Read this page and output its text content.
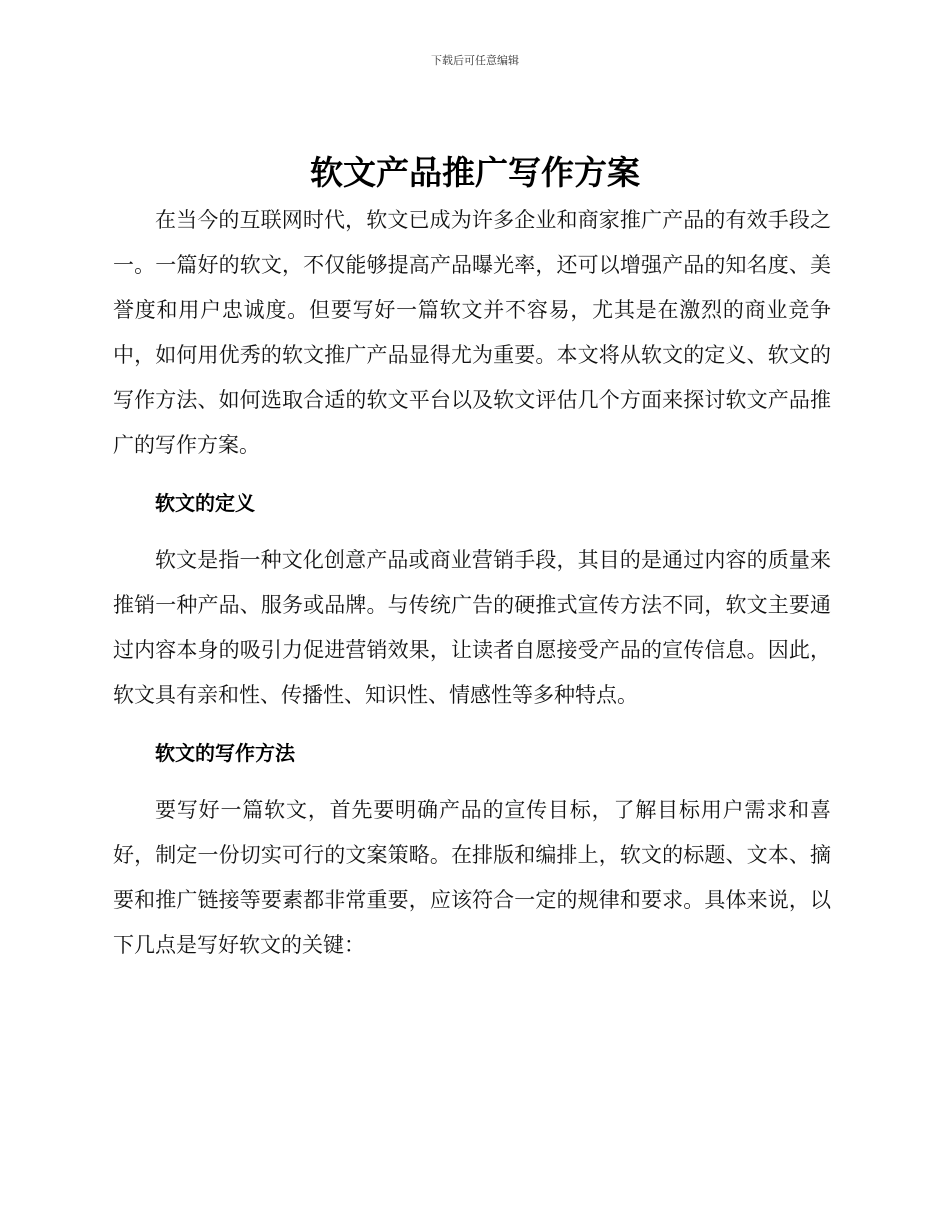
下载后可任意编辑
软文产品推广写作方案

在当今的互联网时代，软文已成为许多企业和商家推广产品的有效手段之一。一篇好的软文，不仅能够提高产品曝光率，还可以增强产品的知名度、美誉度和用户忠诚度。但要写好一篇软文并不容易，尤其是在激烈的商业竞争中，如何用优秀的软文推广产品显得尤为重要。本文将从软文的定义、软文的写作方法、如何选取合适的软文平台以及软文评估几个方面来探讨软文产品推广的写作方案。

软文的定义

软文是指一种文化创意产品或商业营销手段，其目的是通过内容的质量来推销一种产品、服务或品牌。与传统广告的硬推式宣传方法不同，软文主要通过内容本身的吸引力促进营销效果，让读者自愿接受产品的宣传信息。因此，软文具有亲和性、传播性、知识性、情感性等多种特点。

软文的写作方法

要写好一篇软文，首先要明确产品的宣传目标，了解目标用户需求和喜好，制定一份切实可行的文案策略。在排版和编排上，软文的标题、文本、摘要和推广链接等要素都非常重要，应该符合一定的规律和要求。具体来说，以下几点是写好软文的关键：
